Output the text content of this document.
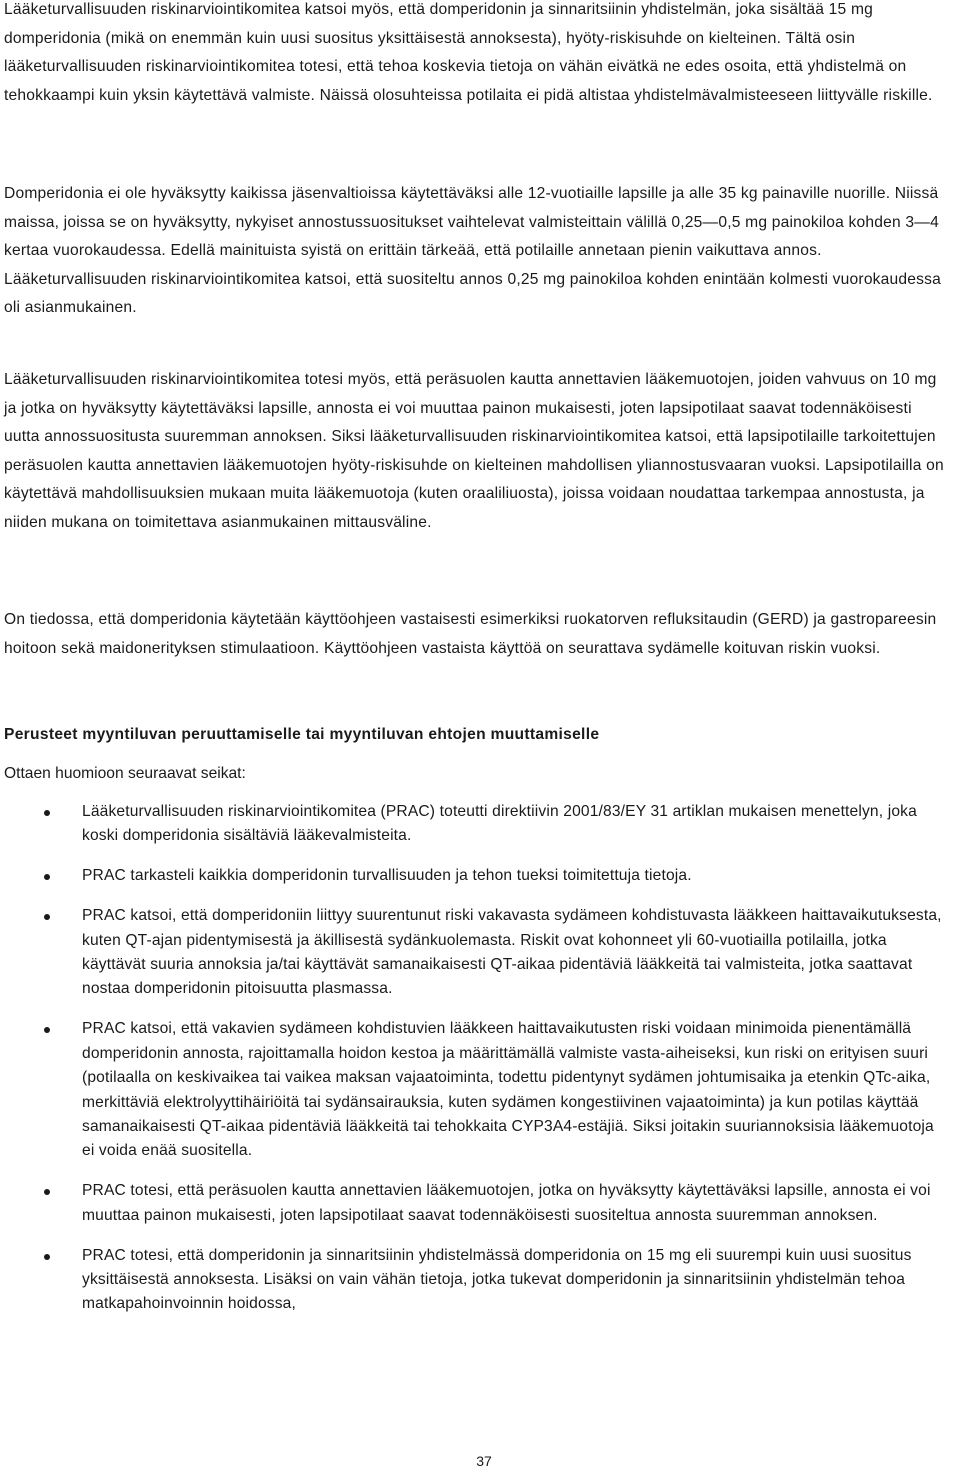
Lääketurvallisuuden riskinarviointikomitea katsoi myös, että domperidonin ja sinnaritsiinin yhdistelmän, joka sisältää 15 mg domperidonia (mikä on enemmän kuin uusi suositus yksittäisestä annoksesta), hyöty-riskisuhde on kielteinen. Tältä osin lääketurvallisuuden riskinarviointikomitea totesi, että tehoa koskevia tietoja on vähän eivätkä ne edes osoita, että yhdistelmä on tehokkaampi kuin yksin käytettävä valmiste. Näissä olosuhteissa potilaita ei pidä altistaa yhdistelmävalmisteeseen liittyvälle riskille.

Domperidonia ei ole hyväksytty kaikissa jäsenvaltioissa käytettäväksi alle 12-vuotiaille lapsille ja alle 35 kg painaville nuorille. Niissä maissa, joissa se on hyväksytty, nykyiset annostussuositukset vaihtelevat valmisteittain välillä 0,25—0,5 mg painokiloa kohden 3—4 kertaa vuorokaudessa. Edellä mainituista syistä on erittäin tärkeää, että potilaille annetaan pienin vaikuttava annos. Lääketurvallisuuden riskinarviointikomitea katsoi, että suositeltu annos 0,25 mg painokiloa kohden enintään kolmesti vuorokaudessa oli asianmukainen.

Lääketurvallisuuden riskinarviointikomitea totesi myös, että peräsuolen kautta annettavien lääkemuotojen, joiden vahvuus on 10 mg ja jotka on hyväksytty käytettäväksi lapsille, annosta ei voi muuttaa painon mukaisesti, joten lapsipotilaat saavat todennäköisesti uutta annossuositusta suuremman annoksen. Siksi lääketurvallisuuden riskinarviointikomitea katsoi, että lapsipotilaille tarkoitettujen peräsuolen kautta annettavien lääkemuotojen hyöty-riskisuhde on kielteinen mahdollisen yliannostusvaaran vuoksi. Lapsipotilailla on käytettävä mahdollisuuksien mukaan muita lääkemuotoja (kuten oraaliliuosta), joissa voidaan noudattaa tarkempaa annostusta, ja niiden mukana on toimitettava asianmukainen mittausväline.

On tiedossa, että domperidonia käytetään käyttöohjeen vastaisesti esimerkiksi ruokatorven refluksitaudin (GERD) ja gastropareesin hoitoon sekä maidonerityksen stimulaatioon. Käyttöohjeen vastaista käyttöä on seurattava sydämelle koituvan riskin vuoksi.

Perusteet myyntiluvan peruuttamiselle tai myyntiluvan ehtojen muuttamiselle

Ottaen huomioon seuraavat seikat:

Lääketurvallisuuden riskinarviointikomitea (PRAC) toteutti direktiivin 2001/83/EY 31 artiklan mukaisen menettelyn, joka koski domperidonia sisältäviä lääkevalmisteita.
PRAC tarkasteli kaikkia domperidonin turvallisuuden ja tehon tueksi toimitettuja tietoja.
PRAC katsoi, että domperidoniin liittyy suurentunut riski vakavasta sydämeen kohdistuvasta lääkkeen haittavaikutuksesta, kuten QT-ajan pidentymisestä ja äkillisestä sydänkuolemasta. Riskit ovat kohonneet yli 60-vuotiailla potilailla, jotka käyttävät suuria annoksia ja/tai käyttävät samanaikaisesti QT-aikaa pidentäviä lääkkeitä tai valmisteita, jotka saattavat nostaa domperidonin pitoisuutta plasmassa.
PRAC katsoi, että vakavien sydämeen kohdistuvien lääkkeen haittavaikutusten riski voidaan minimoida pienentämällä domperidonin annosta, rajoittamalla hoidon kestoa ja määrittämällä valmiste vasta-aiheiseksi, kun riski on erityisen suuri (potilaalla on keskivaikea tai vaikea maksan vajaatoiminta, todettu pidentynyt sydämen johtumisaika ja etenkin QTc-aika, merkittäviä elektrolyyttihäiriöitä tai sydänsairauksia, kuten sydämen kongestiivinen vajaatoiminta) ja kun potilas käyttää samanaikaisesti QT-aikaa pidentäviä lääkkeitä tai tehokkaita CYP3A4-estäjiä. Siksi joitakin suuriannoksisia lääkemuotoja ei voida enää suositella.
PRAC totesi, että peräsuolen kautta annettavien lääkemuotojen, jotka on hyväksytty käytettäväksi lapsille, annosta ei voi muuttaa painon mukaisesti, joten lapsipotilaat saavat todennäköisesti suositeltua annosta suuremman annoksen.
PRAC totesi, että domperidonin ja sinnaritsiinin yhdistelmässä domperidonia on 15 mg eli suurempi kuin uusi suositus yksittäisestä annoksesta. Lisäksi on vain vähän tietoja, jotka tukevat domperidonin ja sinnaritsiinin yhdistelmän tehoa matkapahoinvoinnin hoidossa,
37
